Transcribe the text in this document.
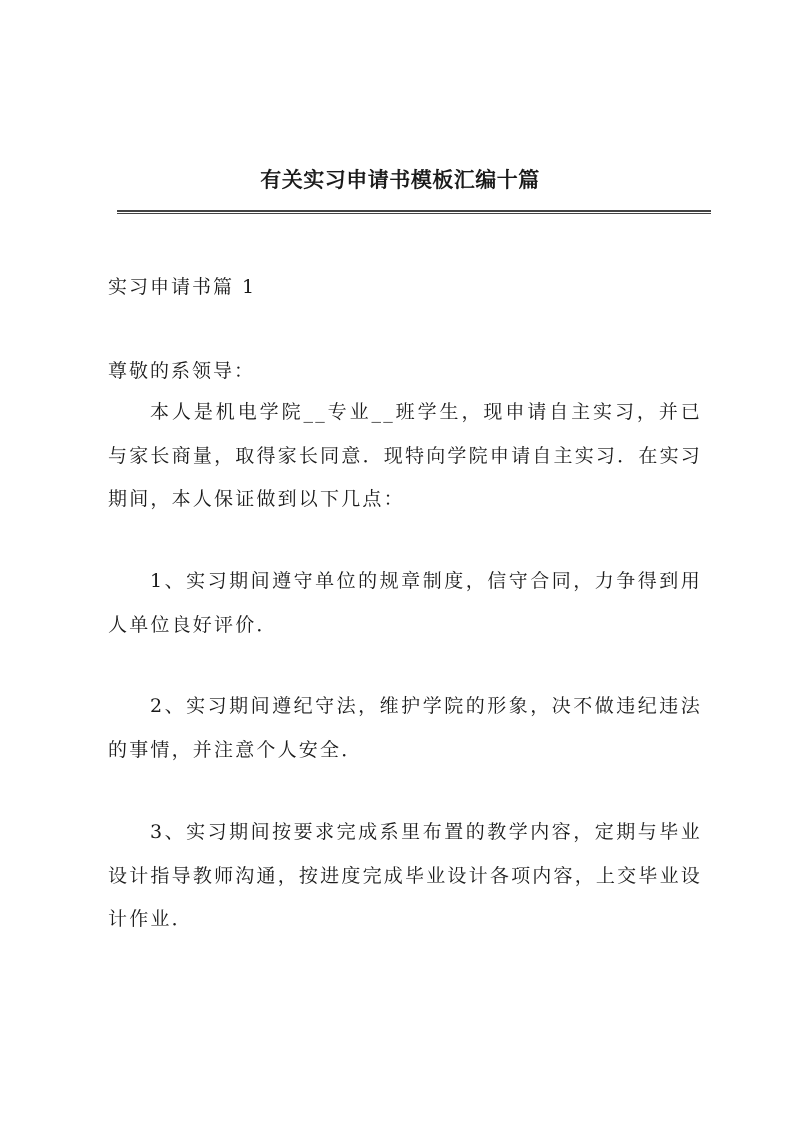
有关实习申请书模板汇编十篇
实习申请书篇 1
尊敬的系领导：

本人是机电学院__专业__班学生，现申请自主实习，并已与家长商量，取得家长同意．现特向学院申请自主实习．在实习期间，本人保证做到以下几点：

1、实习期间遵守单位的规章制度，信守合同，力争得到用人单位良好评价．

2、实习期间遵纪守法，维护学院的形象，决不做违纪违法的事情，并注意个人安全．

3、实习期间按要求完成系里布置的教学内容，定期与毕业设计指导教师沟通，按进度完成毕业设计各项内容，上交毕业设计作业．
